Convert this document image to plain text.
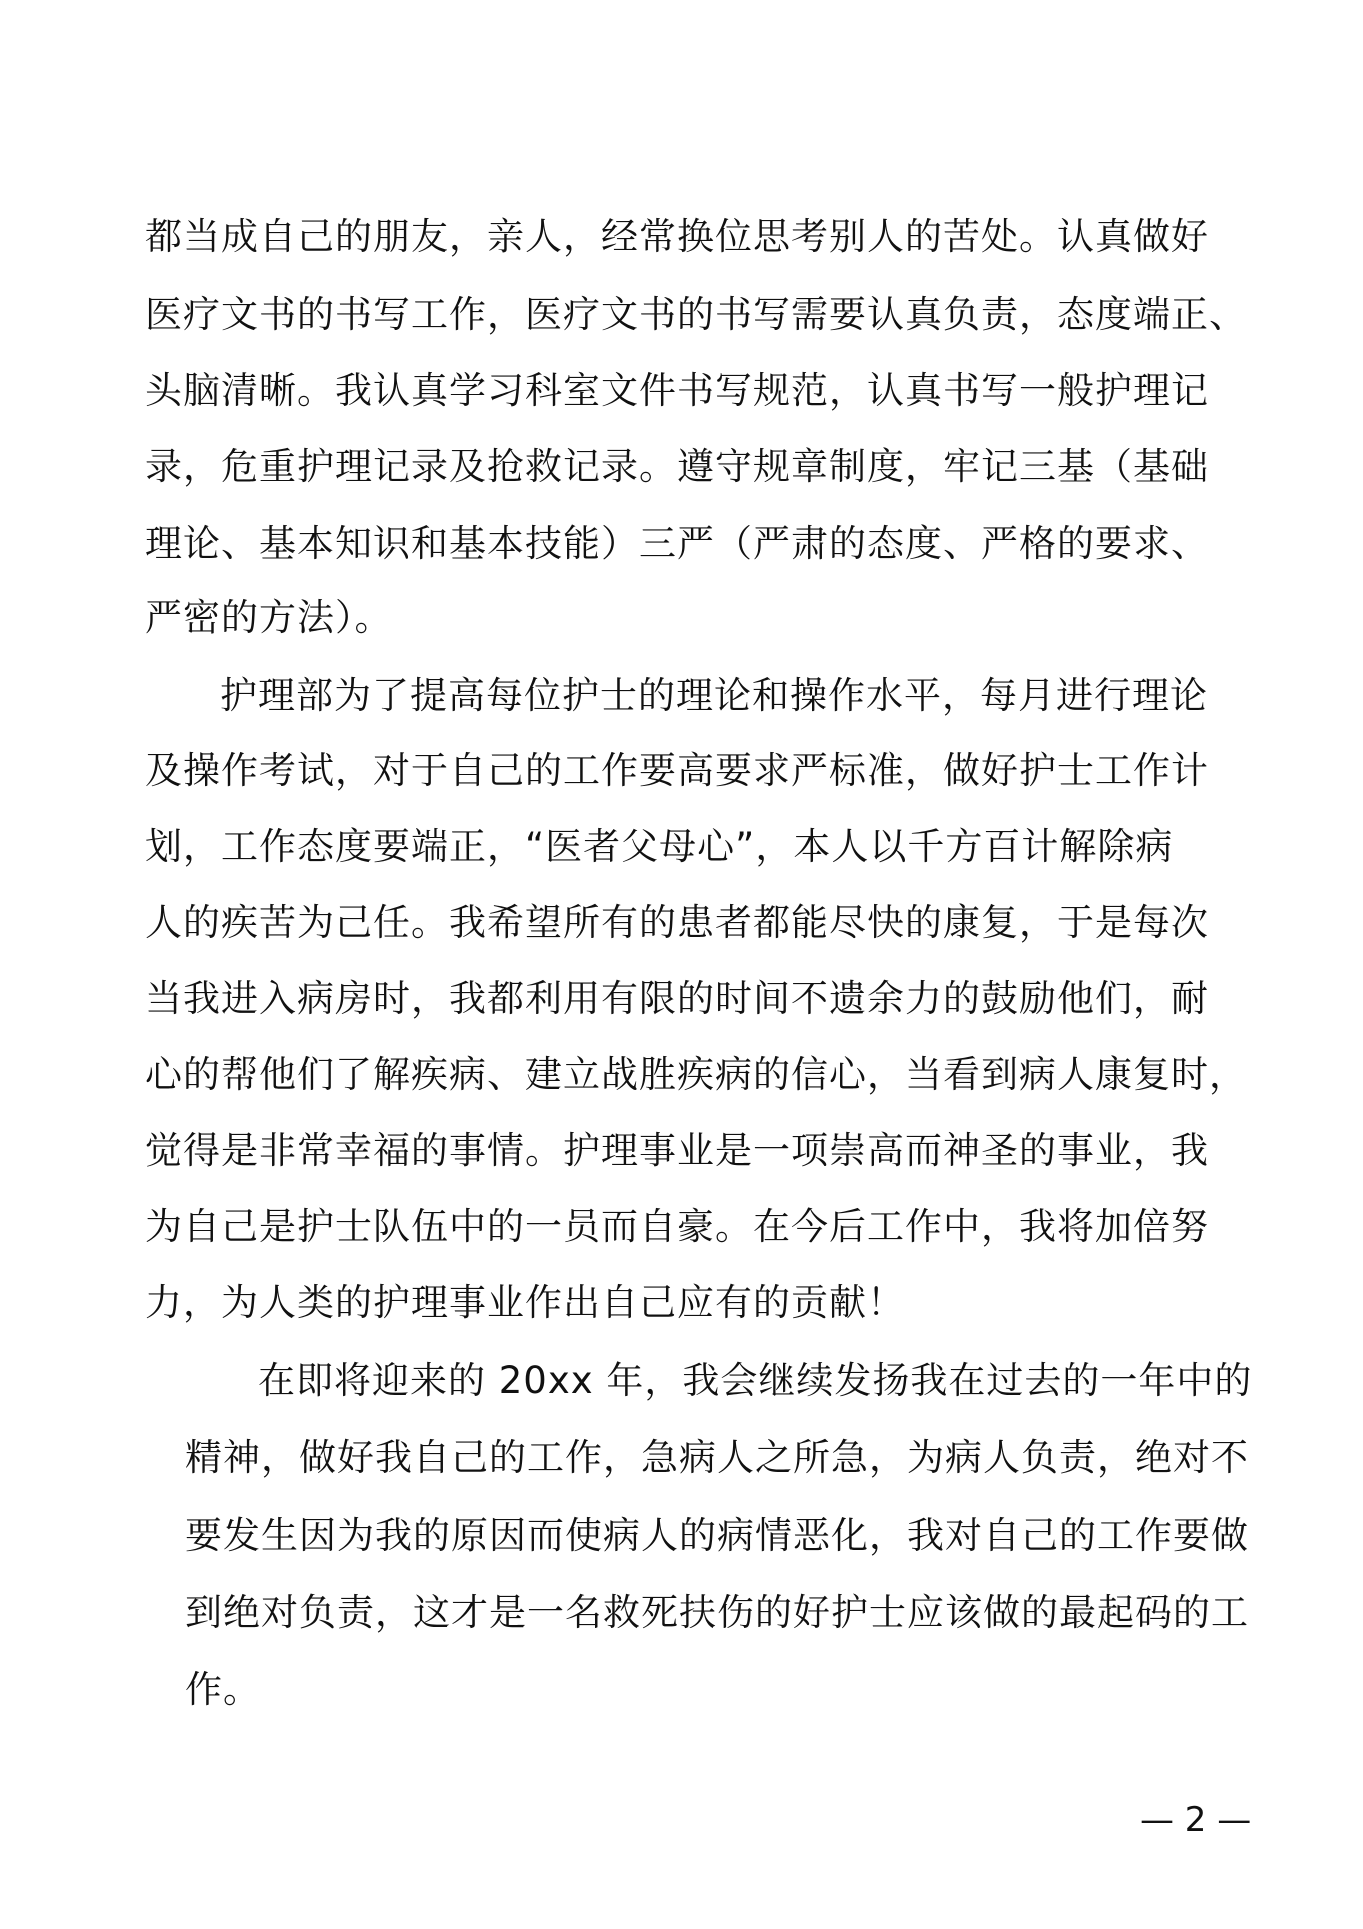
都当成自己的朋友，亲人，经常换位思考别人的苦处。认真做好
医疗文书的书写工作，医疗文书的书写需要认真负责，态度端正、
头脑清晰。我认真学习科室文件书写规范，认真书写一般护理记
录，危重护理记录及抢救记录。遵守规章制度，牢记三基（基础
理论、基本知识和基本技能）三严（严肃的态度、严格的要求、
严密的方法）。
护理部为了提高每位护士的理论和操作水平，每月进行理论
及操作考试，对于自己的工作要高要求严标准，做好护士工作计
划，工作态度要端正，“医者父母心”，本人以千方百计解除病
人的疾苦为己任。我希望所有的患者都能尽快的康复，于是每次
当我进入病房时，我都利用有限的时间不遗余力的鼓励他们，耐
心的帮他们了解疾病、建立战胜疾病的信心，当看到病人康复时，
觉得是非常幸福的事情。护理事业是一项崇高而神圣的事业，我
为自己是护士队伍中的一员而自豪。在今后工作中，我将加倍努
力，为人类的护理事业作出自己应有的贡献！
在即将迎来的 20xx 年，我会继续发扬我在过去的一年中的
精神，做好我自己的工作，急病人之所急，为病人负责，绝对不
要发生因为我的原因而使病人的病情恶化，我对自己的工作要做
到绝对负责，这才是一名救死扶伤的好护士应该做的最起码的工
作。
— 2 —
